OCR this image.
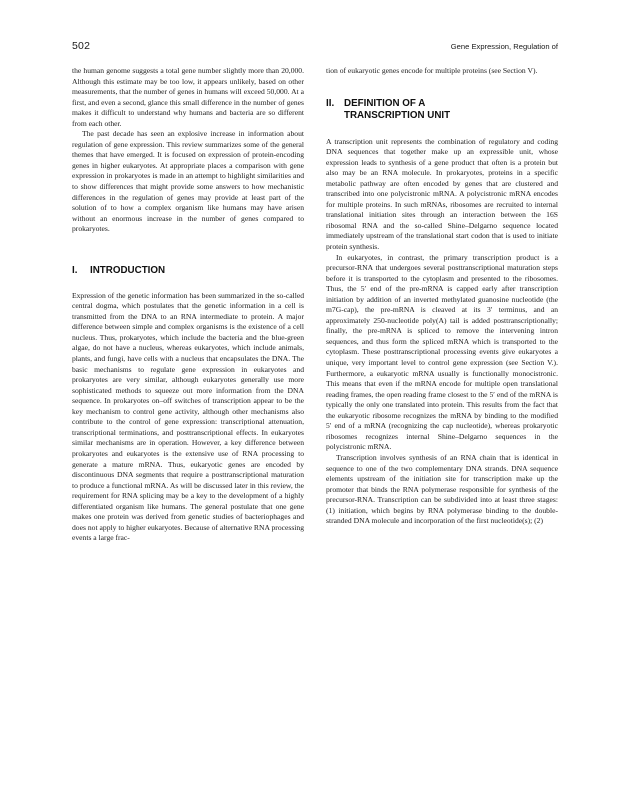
502	Gene Expression, Regulation of

the human genome suggests a total gene number slightly more than 20,000. Although this estimate may be too low, it appears unlikely, based on other measurements, that the number of genes in humans will exceed 50,000. At a first, and even a second, glance this small difference in the number of genes makes it difficult to understand why humans and bacteria are so different from each other.

The past decade has seen an explosive increase in information about regulation of gene expression. This review summarizes some of the general themes that have emerged. It is focused on expression of protein-encoding genes in higher eukaryotes. At appropriate places a comparison with gene expression in prokaryotes is made in an attempt to highlight similarities and to show differences that might provide some answers to how mechanistic differences in the regulation of genes may provide at least part of the solution of to how a complex organism like humans may have arisen without an enormous increase in the number of genes compared to prokaryotes.

I. INTRODUCTION

Expression of the genetic information has been summarized in the so-called central dogma, which postulates that the genetic information in a cell is transmitted from the DNA to an RNA intermediate to protein. A major difference between simple and complex organisms is the existence of a cell nucleus. Thus, prokaryotes, which include the bacteria and the blue-green algae, do not have a nucleus, whereas eukaryotes, which include animals, plants, and fungi, have cells with a nucleus that encapsulates the DNA. The basic mechanisms to regulate gene expression in eukaryotes and prokaryotes are very similar, although eukaryotes generally use more sophisticated methods to squeeze out more information from the DNA sequence. In prokaryotes on–off switches of transcription appear to be the key mechanism to control gene activity, although other mechanisms also contribute to the control of gene expression: transcriptional attenuation, transcriptional terminations, and posttranscriptional effects. In eukaryotes similar mechanisms are in operation. However, a key difference between prokaryotes and eukaryotes is the extensive use of RNA processing to generate a mature mRNA. Thus, eukaryotic genes are encoded by discontinuous DNA segments that require a posttranscriptional maturation to produce a functional mRNA. As will be discussed later in this review, the requirement for RNA splicing may be a key to the development of a highly differentiated organism like humans. The general postulate that one gene makes one protein was derived from genetic studies of bacteriophages and does not apply to higher eukaryotes. Because of alternative RNA processing events a large frac-

tion of eukaryotic genes encode for multiple proteins (see Section V).

II. DEFINITION OF A
TRANSCRIPTION UNIT

A transcription unit represents the combination of regulatory and coding DNA sequences that together make up an expressible unit, whose expression leads to synthesis of a gene product that often is a protein but also may be an RNA molecule. In prokaryotes, proteins in a specific metabolic pathway are often encoded by genes that are clustered and transcribed into one polycistronic mRNA. A polycistronic mRNA encodes for multiple proteins. In such mRNAs, ribosomes are recruited to internal translational initiation sites through an interaction between the 16S ribosomal RNA and the so-called Shine–Delgarno sequence located immediately upstream of the translational start codon that is used to initiate protein synthesis.

In eukaryotes, in contrast, the primary transcription product is a precursor-RNA that undergoes several posttranscriptional maturation steps before it is transported to the cytoplasm and presented to the ribosomes. Thus, the 5′ end of the pre-mRNA is capped early after transcription initiation by addition of an inverted methylated guanosine nucleotide (the m7G-cap), the pre-mRNA is cleaved at its 3′ terminus, and an approximately 250-nucleotide poly(A) tail is added posttranscriptionally; finally, the pre-mRNA is spliced to remove the intervening intron sequences, and thus form the spliced mRNA which is transported to the cytoplasm. These posttranscriptional processing events give eukaryotes a unique, very important level to control gene expression (see Section V.). Furthermore, a eukaryotic mRNA usually is functionally monocistronic. This means that even if the mRNA encode for multiple open translational reading frames, the open reading frame closest to the 5′ end of the mRNA is typically the only one translated into protein. This results from the fact that the eukaryotic ribosome recognizes the mRNA by binding to the modified 5′ end of a mRNA (recognizing the cap nucleotide), whereas prokaryotic ribosomes recognizes internal Shine–Delgarno sequences in the polycistronic mRNA.

Transcription involves synthesis of an RNA chain that is identical in sequence to one of the two complementary DNA strands. DNA sequence elements upstream of the initiation site for transcription make up the promoter that binds the RNA polymerase responsible for synthesis of the precursor-RNA. Transcription can be subdivided into at least three stages: (1) initiation, which begins by RNA polymerase binding to the double-stranded DNA molecule and incorporation of the first nucleotide(s); (2)
